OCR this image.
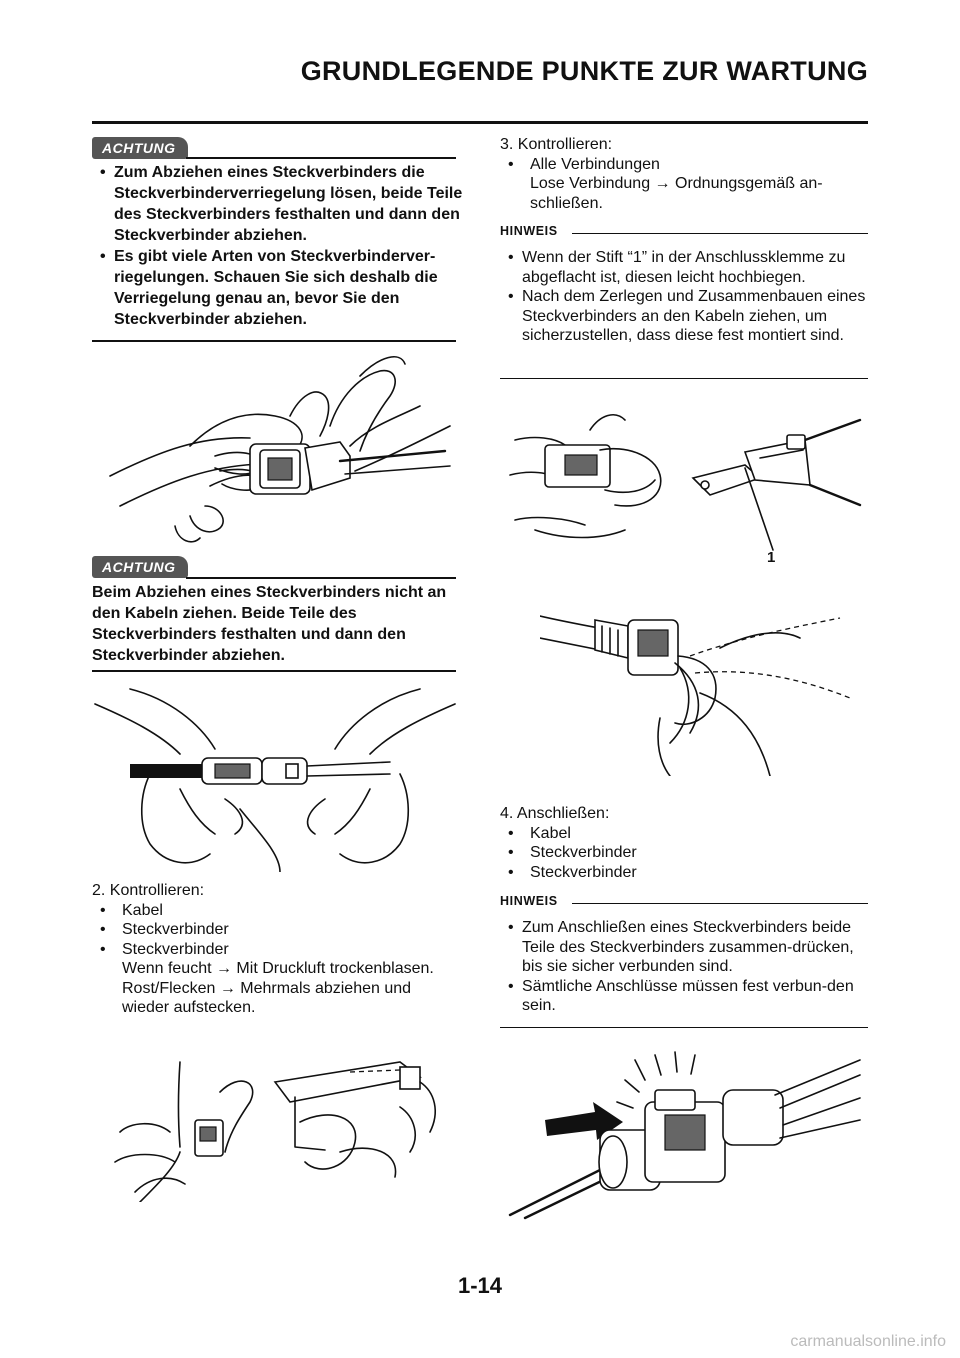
GRUNDLEGENDE PUNKTE ZUR WARTUNG
ACHTUNG
• Zum Abziehen eines Steckverbinders die Steckverbinderverriegelung lösen, beide Teile des Steckverbinders festhalten und dann den Steckverbinder abziehen.
• Es gibt viele Arten von Steckverbinderver-riegelungen. Schauen Sie sich deshalb die Verriegelung genau an, bevor Sie den Steckverbinder abziehen.
ACHTUNG
Beim Abziehen eines Steckverbinders nicht an den Kabeln ziehen. Beide Teile des Steckverbinders festhalten und dann den Steckverbinder abziehen.
2. Kontrollieren:
• Kabel
• Steckverbinder
• Steckverbinder
Wenn feucht → Mit Druckluft trockenblasen.
Rost/Flecken → Mehrmals abziehen und
wieder aufstecken.
3. Kontrollieren:
• Alle Verbindungen
Lose Verbindung → Ordnungsgemäß an-
schließen.
HINWEIS
• Wenn der Stift “1” in der Anschlussklemme zu abgeflacht ist, diesen leicht hochbiegen.
• Nach dem Zerlegen und Zusammenbauen eines Steckverbinders an den Kabeln ziehen, um sicherzustellen, dass diese fest montiert sind.
1
4. Anschließen:
• Kabel
• Steckverbinder
• Steckverbinder
HINWEIS
• Zum Anschließen eines Steckverbinders beide Teile des Steckverbinders zusammen-drücken, bis sie sicher verbunden sind.
• Sämtliche Anschlüsse müssen fest verbun-den sein.
1-14
carmanualsonline.info
